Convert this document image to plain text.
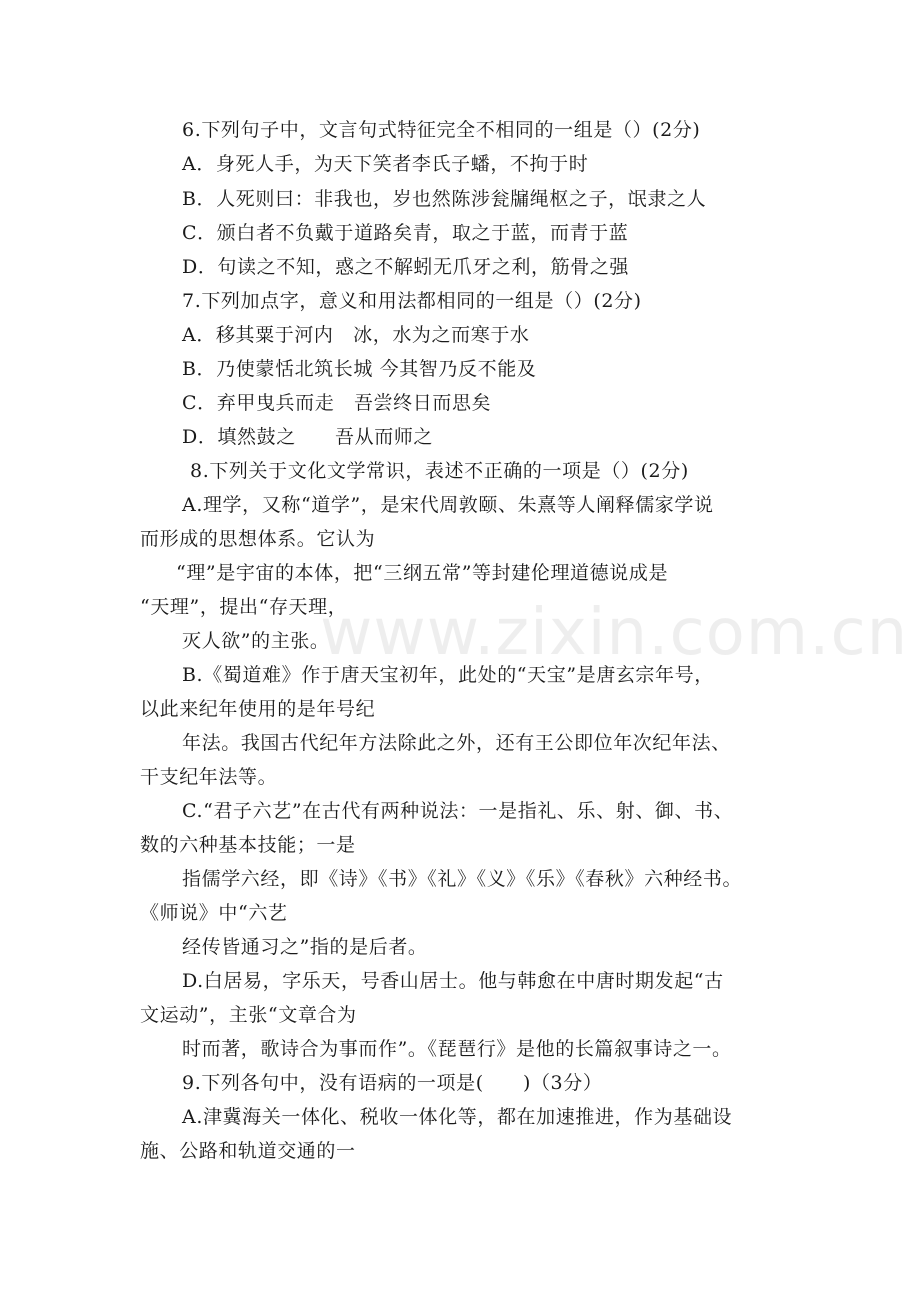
www.zixin.com.cn
6.下列句子中，文言句式特征完全不相同的一组是（）(2分)
A．身死人手，为天下笑者李氏子蟠，不拘于时
B．人死则曰：非我也，岁也然陈涉瓮牖绳枢之子，氓隶之人
C．颁白者不负戴于道路矣青，取之于蓝，而青于蓝
D．句读之不知，惑之不解蚓无爪牙之利，筋骨之强
7.下列加点字，意义和用法都相同的一组是（）(2分)
A．移其粟于河内　冰，水为之而寒于水
B．乃使蒙恬北筑长城 今其智乃反不能及
C．弃甲曳兵而走　吾尝终日而思矣
D．填然鼓之　　吾从而师之
8.下列关于文化文学常识，表述不正确的一项是（）(2分)
A.理学，又称“道学”，是宋代周敦颐、朱熹等人阐释儒家学说
而形成的思想体系。它认为
“理”是宇宙的本体，把“三纲五常”等封建伦理道德说成是
“天理”，提出“存天理，
灭人欲”的主张。
B.《蜀道难》作于唐天宝初年，此处的“天宝”是唐玄宗年号，
以此来纪年使用的是年号纪
年法。我国古代纪年方法除此之外，还有王公即位年次纪年法、
干支纪年法等。
C.“君子六艺”在古代有两种说法：一是指礼、乐、射、御、书、
数的六种基本技能；一是
指儒学六经，即《诗》《书》《礼》《义》《乐》《春秋》六种经书。
《师说》中“六艺
经传皆通习之”指的是后者。
D.白居易，字乐天，号香山居士。他与韩愈在中唐时期发起“古
文运动”，主张“文章合为
时而著，歌诗合为事而作”。《琵琶行》是他的长篇叙事诗之一。
9.下列各句中，没有语病的一项是(　　)（3分）
A.津冀海关一体化、税收一体化等，都在加速推进，作为基础设
施、公路和轨道交通的一
